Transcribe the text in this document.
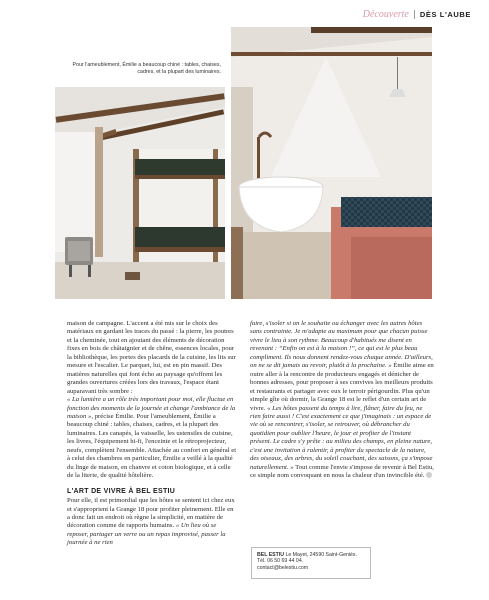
Découverte DÈS L'AUBE
Pour l'ameublement, Émilie a beaucoup chiné : tables, chaises, cadres, et la plupart des luminaires.

maison de campagne. L'accent a été mis sur le choix des matériaux en gardant les traces du passé : la pierre, les poutres et la cheminée, tout en ajoutant des éléments de décoration fixes en bois de châtaignier et de chêne, essences locales, pour la bibliothèque, les portes des placards de la cuisine, les lits sur mesure et l'escalier. Le parquet, lui, est en pin massif. Des matières naturelles qui font écho au paysage qu'offrent les grandes ouvertures créées lors des travaux, l'espace étant auparavant très sombre :

« La lumière a un rôle très important pour moi, elle fluctue en fonction des moments de la journée et change l'ambiance de la maison », précise Émilie. Pour l'ameublement, Émilie a beaucoup chiné : tables, chaises, cadres, et la plupart des luminaires. Les canapés, la vaisselle, les ustensiles de cuisine, les livres, l'équipement hi-fi, l'enceinte et le rétroprojecteur, neufs, complètent l'ensemble. Attachée au confort en général et à celui des chambres en particulier, Émilie a veillé à la qualité du linge de maison, en chanvre et coton biologique, et à celle de la literie, de qualité hôtelière.

L'ART DE VIVRE À BEL ESTIU

Pour elle, il est primordial que les hôtes se sentent ici chez eux et s'approprient la Grange 18 pour profiter pleinement. Elle en a donc fait un endroit où règne la simplicité, en matière de décoration comme de rapports humains. « Un lieu où se reposer, partager un verre ou un repas improvisé, passer la journée à ne rien

faire, s'isoler si on le souhaite ou échanger avec les autres hôtes sans contrainte. Je m'adapte au maximum pour que chacun puisse vivre le lieu à son rythme. Beaucoup d'habitués me disent en revenant : “Enfin on est à la maison !”, ce qui est le plus beau compliment. Ils nous donnent rendez-vous chaque année. D'ailleurs, on ne se dit jamais au revoir, plutôt à la prochaine. » Émilie aime en outre aller à la rencontre de producteurs engagés et dénicher de bonnes adresses, pour proposer à ses convives les meilleurs produits et restaurants et partager avec eux le terroir périgourdin. Plus qu'un simple gîte où dormir, la Grange 18 est le reflet d'un certain art de vivre. « Les hôtes passent du temps à lire, flâner, faire du feu, ne rien faire aussi ! C'est exactement ce que j'imaginais : un espace de vie où se rencontrer, s'isoler, se retrouver, où débrancher du quotidien pour oublier l'heure, le jour et profiter de l'instant présent. Le cadre s'y prête : au milieu des champs, en pleine nature, c'est une invitation à ralentir, à profiter du spectacle de la nature, des oiseaux, des arbres, du soleil couchant, des saisons, ça s'impose naturellement. » Tout comme l'envie s'impose de revenir à Bel Estiu, ce simple nom convoquant en nous la chaleur d'un invincible été.

BEL ESTIU Le Mayet, 24590 Saint-Geniès.
Tél. 06 50 69 44 04.
contact@belestiu.com
